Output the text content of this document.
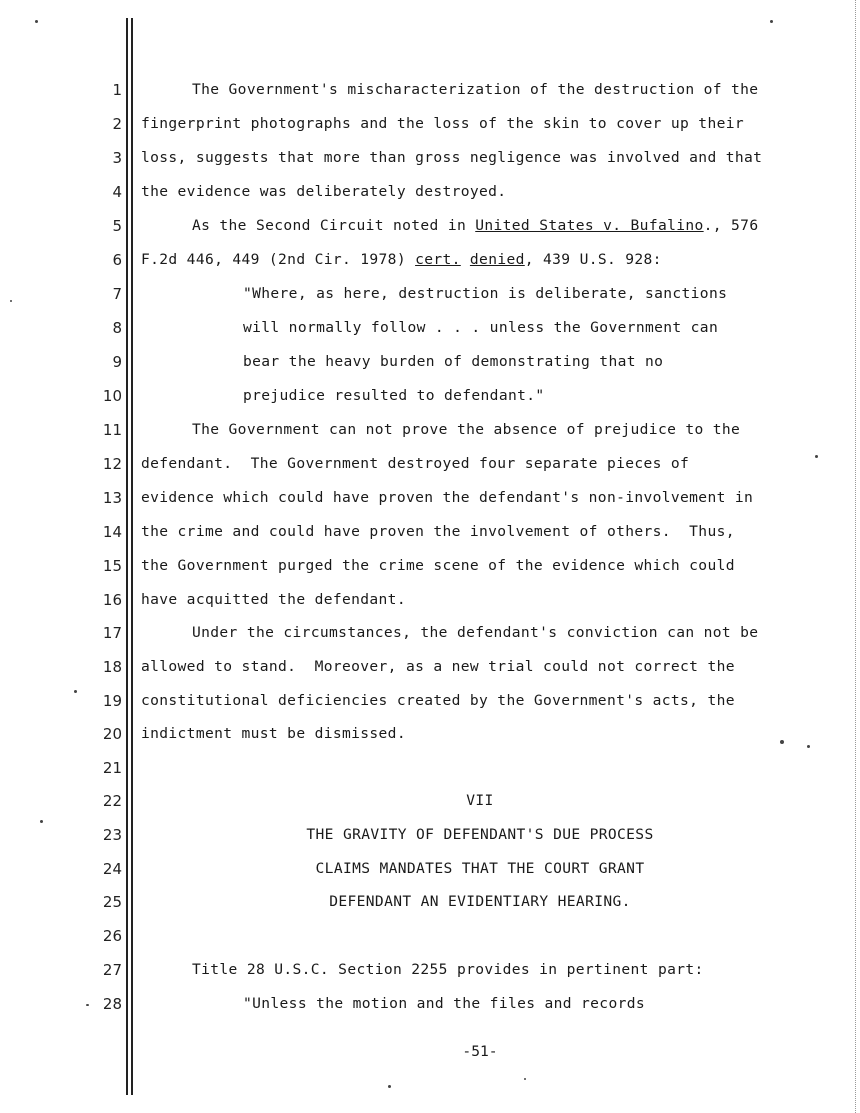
1
2
3
4
5
6
7
8
9
10
11
12
13
14
15
16
17
18
19
20
21
22
23
24
25
26
27
28
The Government's mischaracterization of the destruction of the
fingerprint photographs and the loss of the skin to cover up their
loss, suggests that more than gross negligence was involved and that
the evidence was deliberately destroyed.
As the Second Circuit noted in United States v. Bufalino., 576
F.2d 446, 449 (2nd Cir. 1978) cert. denied, 439 U.S. 928:
"Where, as here, destruction is deliberate, sanctions
will normally follow . . . unless the Government can
bear the heavy burden of demonstrating that no
prejudice resulted to defendant."
The Government can not prove the absence of prejudice to the
defendant.  The Government destroyed four separate pieces of
evidence which could have proven the defendant's non-involvement in
the crime and could have proven the involvement of others.  Thus,
the Government purged the crime scene of the evidence which could
have acquitted the defendant.
Under the circumstances, the defendant's conviction can not be
allowed to stand.  Moreover, as a new trial could not correct the
constitutional deficiencies created by the Government's acts, the
indictment must be dismissed.
VII
THE GRAVITY OF DEFENDANT'S DUE PROCESS
CLAIMS MANDATES THAT THE COURT GRANT
DEFENDANT AN EVIDENTIARY HEARING.
Title 28 U.S.C. Section 2255 provides in pertinent part:
"Unless the motion and the files and records
-51-
